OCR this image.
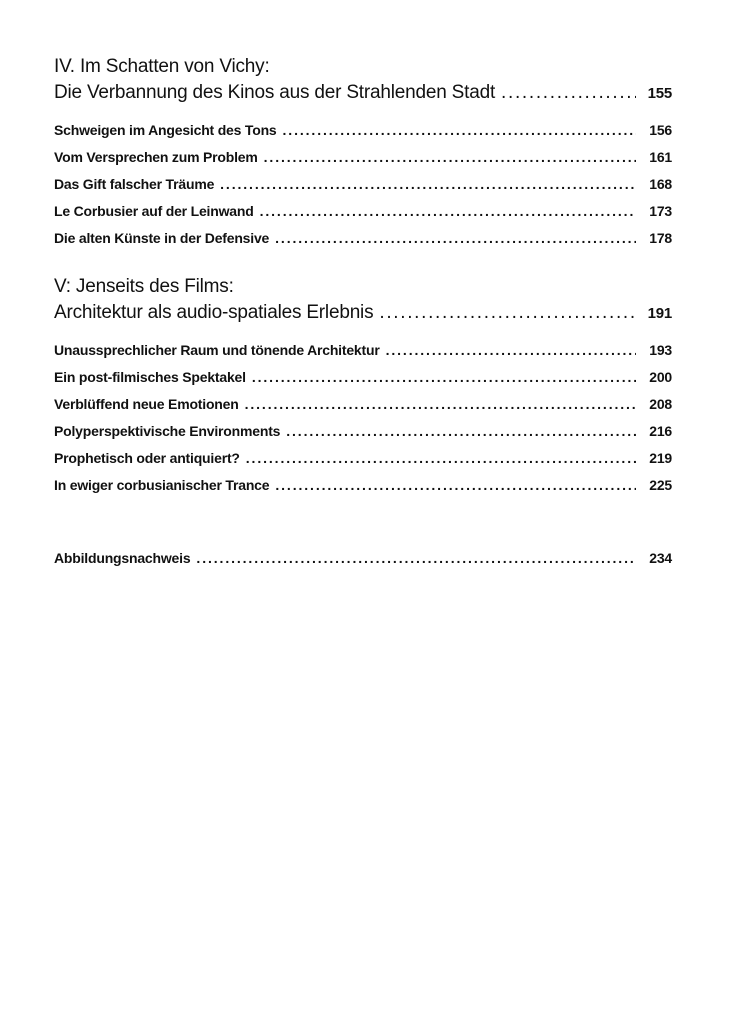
IV. Im Schatten von Vichy:
Die Verbannung des Kinos aus der Strahlenden Stadt . . .	155
Schweigen im Angesicht des Tons . . .	156
Vom Versprechen zum Problem . . .	161
Das Gift falscher Träume . . .	168
Le Corbusier auf der Leinwand . . .	173
Die alten Künste in der Defensive . . .	178
V: Jenseits des Films:
Architektur als audio-spatiales Erlebnis . . .	191
Unaussprechlicher Raum und tönende Architektur . . .	193
Ein post-filmisches Spektakel . . .	200
Verblüffend neue Emotionen . . .	208
Polyperspektivische Environments . . .	216
Prophetisch oder antiquiert? . . .	219
In ewiger corbusianischer Trance . . .	225
Abbildungsnachweis . . .	234
